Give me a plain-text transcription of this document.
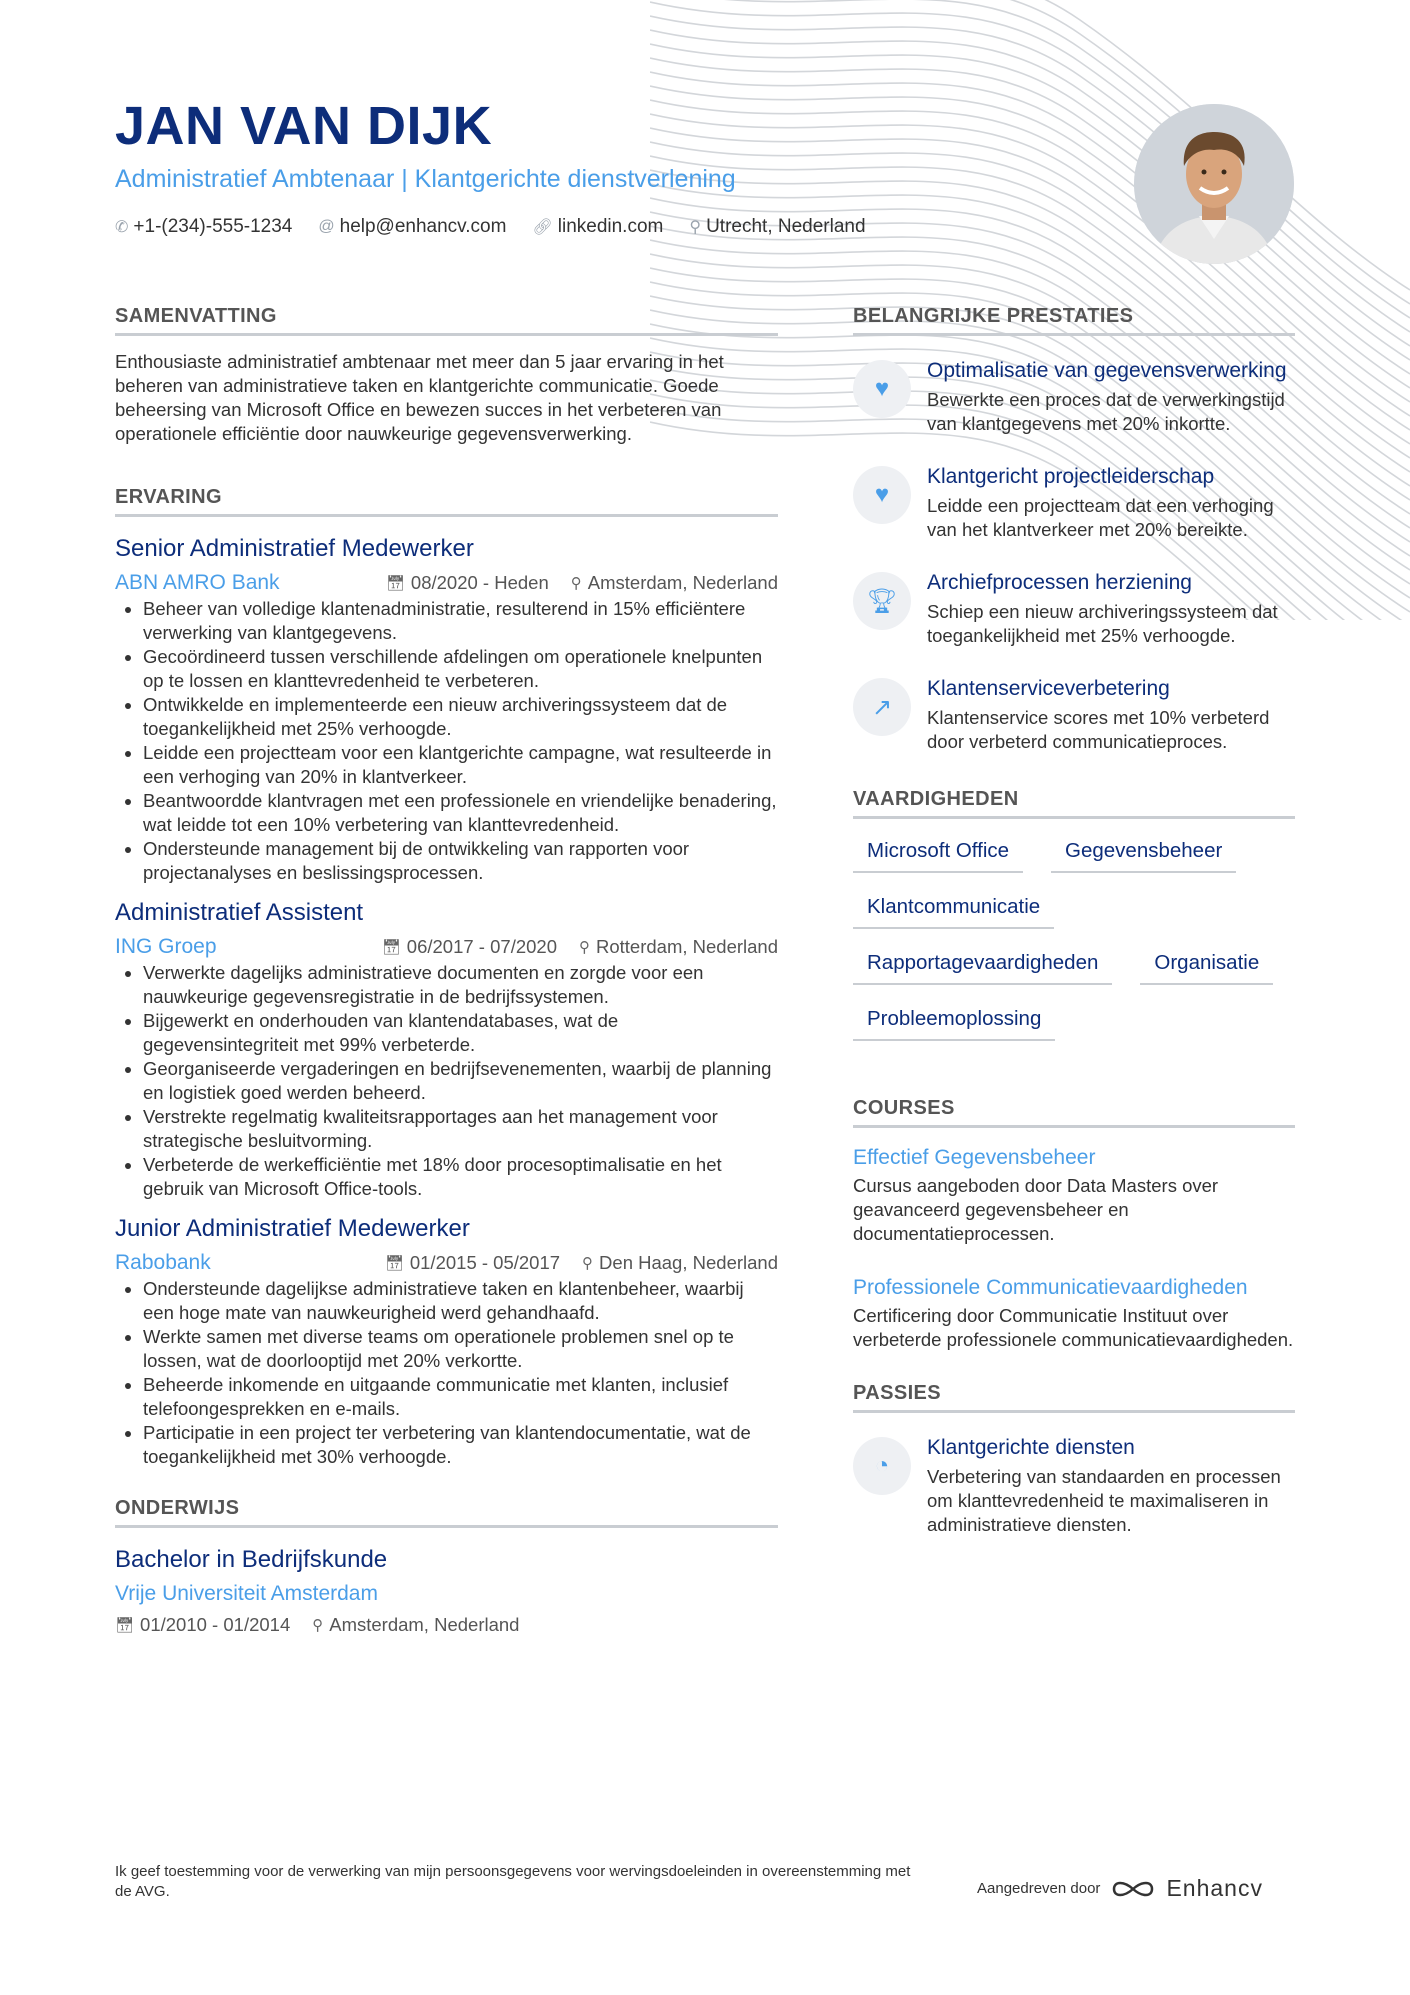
JAN VAN DIJK
Administratief Ambtenaar | Klantgerichte dienstverlening
✆ +1-(234)-555-1234 @ help@enhancv.com 🔗︎ linkedin.com ⚲ Utrecht, Nederland
SAMENVATTING

Enthousiaste administratief ambtenaar met meer dan 5 jaar ervaring in het beheren van administratieve taken en klantgerichte communicatie. Goede beheersing van Microsoft Office en bewezen succes in het verbeteren van operationele efficiëntie door nauwkeurige gegevensverwerking.

ERVARING
Senior Administratief Medewerker
ABN AMRO Bank	📅︎ 08/2020 - Heden ⚲ Amsterdam, Nederland
• Beheer van volledige klantenadministratie, resulterend in 15% efficiëntere verwerking van klantgegevens.
• Gecoördineerd tussen verschillende afdelingen om operationele knelpunten op te lossen en klanttevredenheid te verbeteren.
• Ontwikkelde en implementeerde een nieuw archiveringssysteem dat de toegankelijkheid met 25% verhoogde.
• Leidde een projectteam voor een klantgerichte campagne, wat resulteerde in een verhoging van 20% in klantverkeer.
• Beantwoordde klantvragen met een professionele en vriendelijke benadering, wat leidde tot een 10% verbetering van klanttevredenheid.
• Ondersteunde management bij de ontwikkeling van rapporten voor projectanalyses en beslissingsprocessen.
Administratief Assistent
ING Groep	📅︎ 06/2017 - 07/2020 ⚲ Rotterdam, Nederland
• Verwerkte dagelijks administratieve documenten en zorgde voor een nauwkeurige gegevensregistratie in de bedrijfssystemen.
• Bijgewerkt en onderhouden van klantendatabases, wat de gegevensintegriteit met 99% verbeterde.
• Georganiseerde vergaderingen en bedrijfsevenementen, waarbij de planning en logistiek goed werden beheerd.
• Verstrekte regelmatig kwaliteitsrapportages aan het management voor strategische besluitvorming.
• Verbeterde de werkefficiëntie met 18% door procesoptimalisatie en het gebruik van Microsoft Office-tools.
Junior Administratief Medewerker
Rabobank	📅︎ 01/2015 - 05/2017 ⚲ Den Haag, Nederland
• Ondersteunde dagelijkse administratieve taken en klantenbeheer, waarbij een hoge mate van nauwkeurigheid werd gehandhaafd.
• Werkte samen met diverse teams om operationele problemen snel op te lossen, wat de doorlooptijd met 20% verkortte.
• Beheerde inkomende en uitgaande communicatie met klanten, inclusief telefoongesprekken en e-mails.
• Participatie in een project ter verbetering van klantendocumentatie, wat de toegankelijkheid met 30% verhoogde.
ONDERWIJS
Bachelor in Bedrijfskunde
Vrije Universiteit Amsterdam
📅︎ 01/2010 - 01/2014 ⚲ Amsterdam, Nederland
BELANGRIJKE PRESTATIES
♥
Optimalisatie van gegevensverwerking
Bewerkte een proces dat de verwerkingstijd van klantgegevens met 20% inkortte.
♥
Klantgericht projectleiderschap
Leidde een projectteam dat een verhoging van het klantverkeer met 20% bereikte.
🏆︎
Archiefprocessen herziening
Schiep een nieuw archiveringssysteem dat toegankelijkheid met 25% verhoogde.
↗
Klantenserviceverbetering
Klantenservice scores met 10% verbeterd door verbeterd communicatieproces.
VAARDIGHEDEN
Microsoft Office	Gegevensbeheer
Klantcommunicatie
Rapportagevaardigheden	Organisatie
Probleemoplossing
COURSES
Effectief Gegevensbeheer
Cursus aangeboden door Data Masters over geavanceerd gegevensbeheer en documentatieprocessen.
Professionele Communicatievaardigheden
Certificering door Communicatie Instituut over verbeterde professionele communicatievaardigheden.
PASSIES
◔
Klantgerichte diensten
Verbetering van standaarden en processen om klanttevredenheid te maximaliseren in administratieve diensten.
Ik geef toestemming voor de verwerking van mijn persoonsgegevens voor wervingsdoeleinden in overeenstemming met de AVG.	Aangedreven door	Enhancv
